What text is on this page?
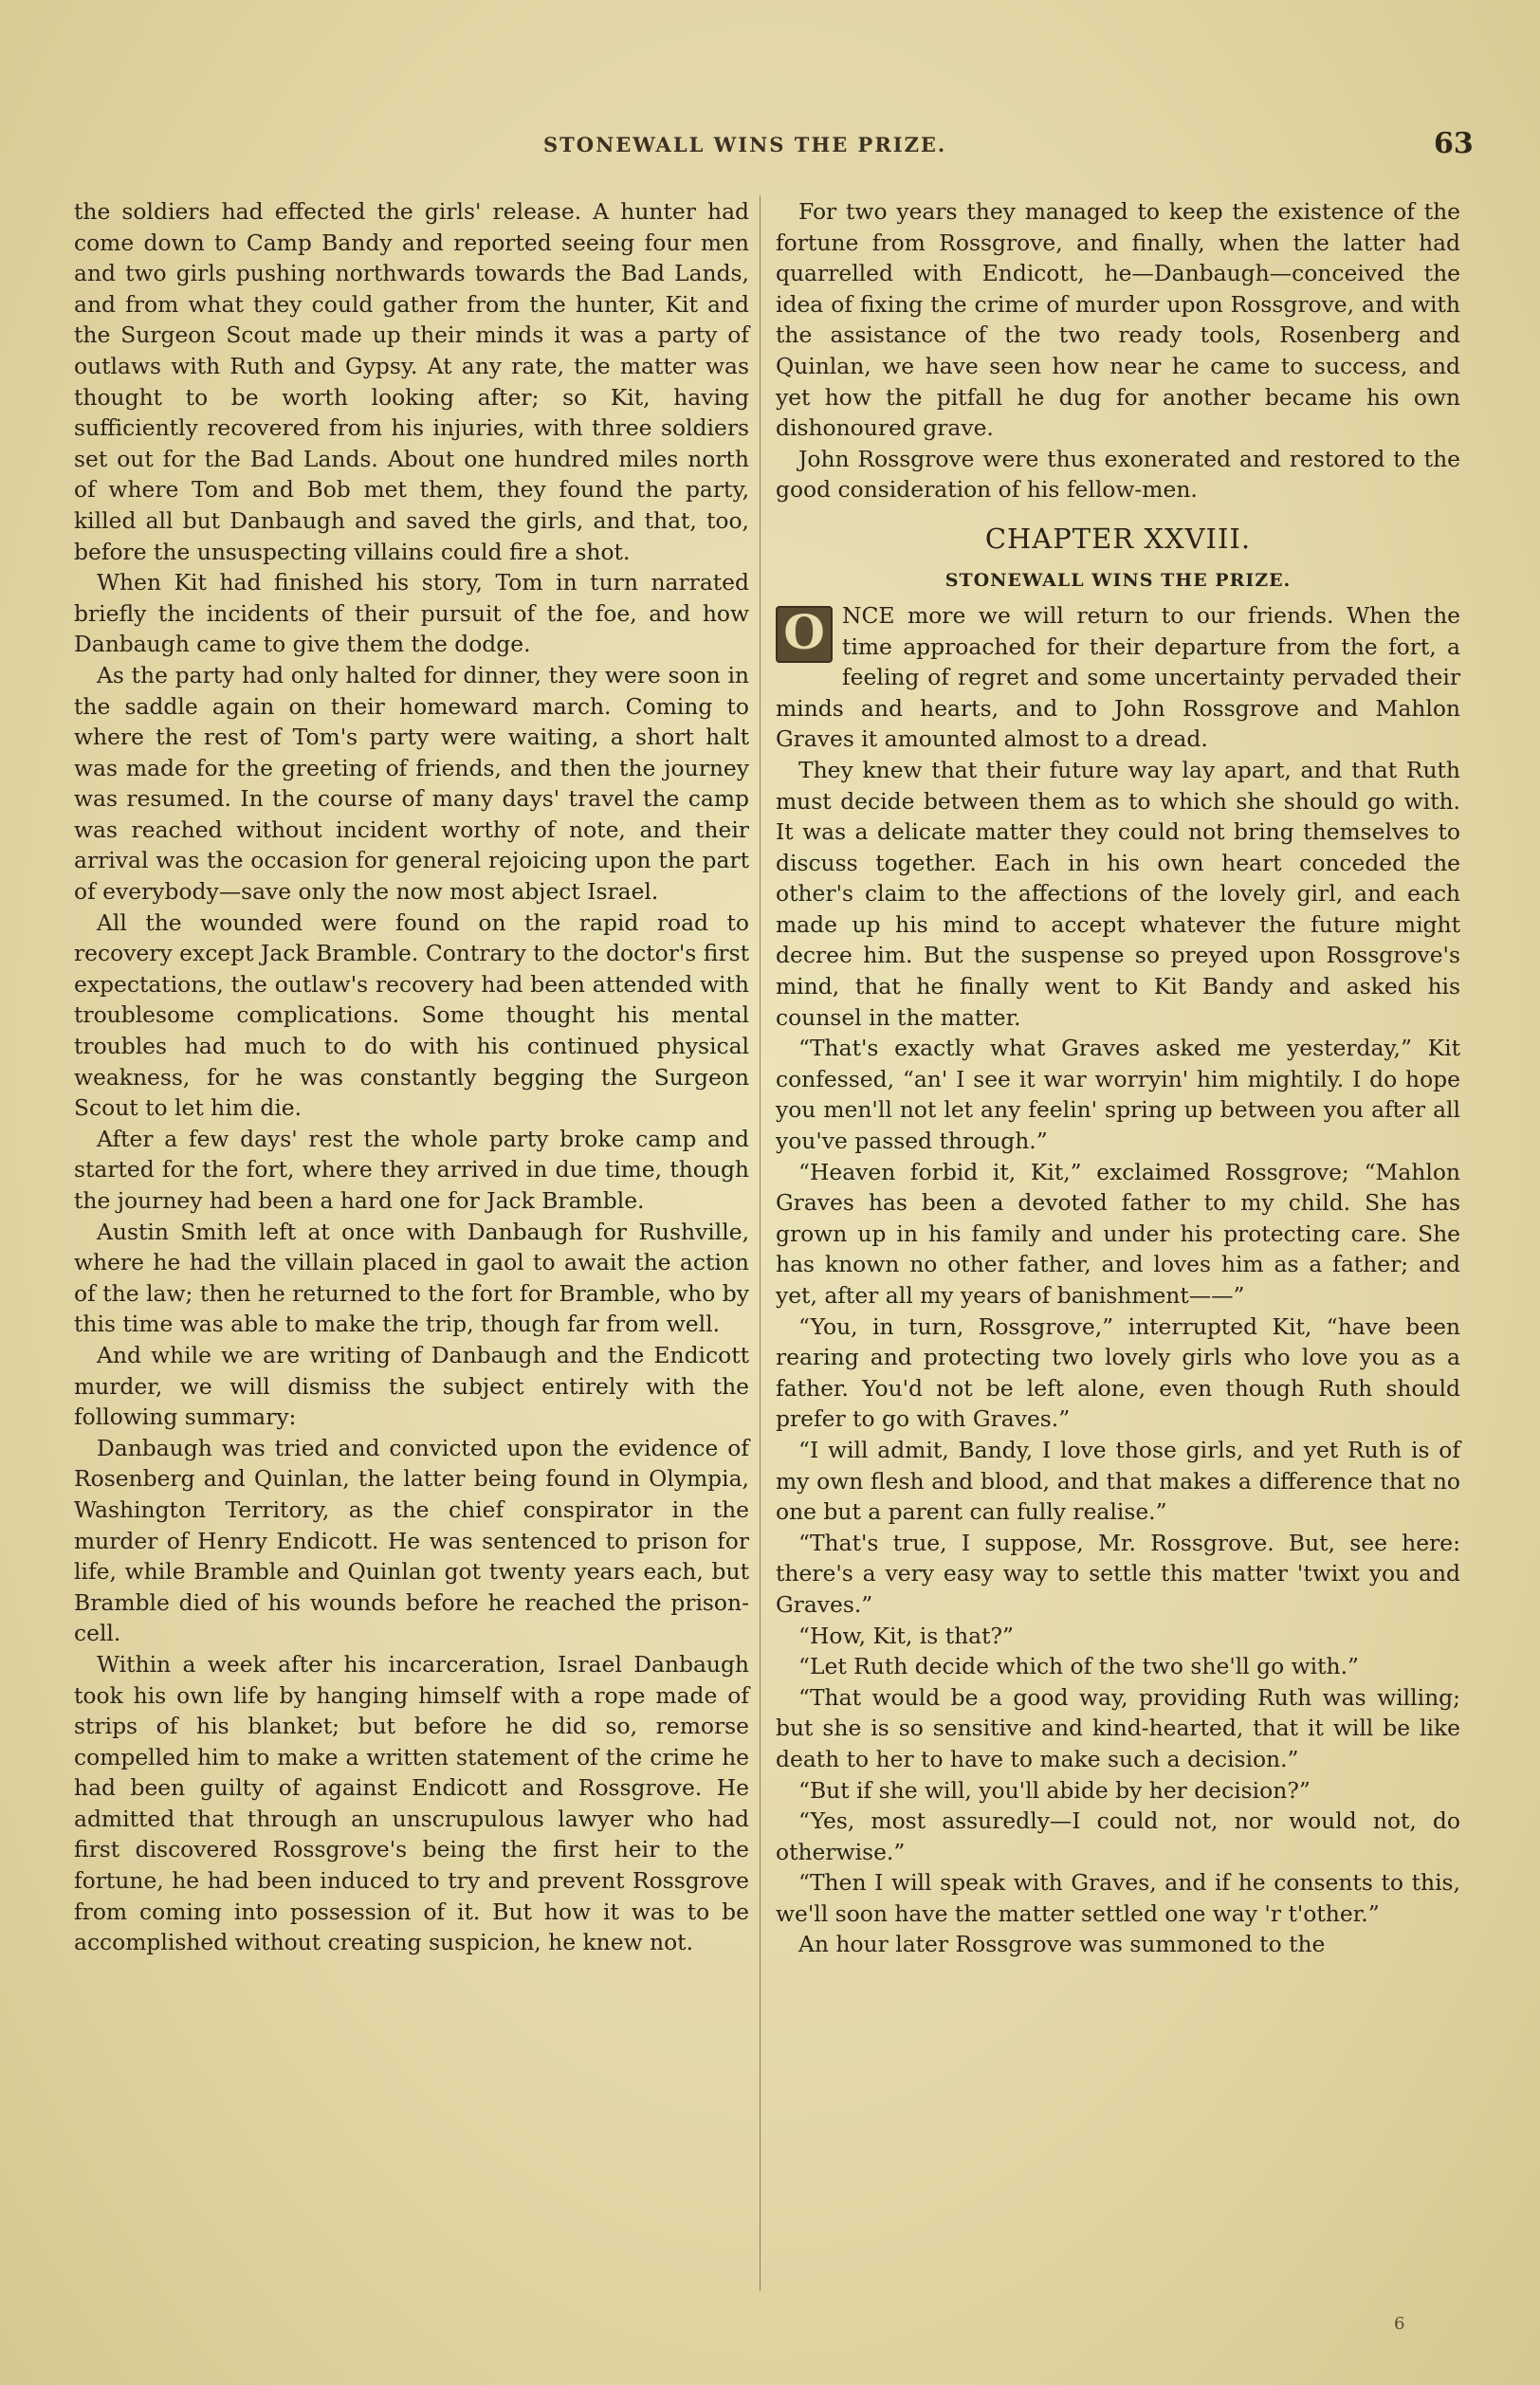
STONEWALL WINS THE PRIZE.	63

the soldiers had effected the girls' release. A hunter had come down to Camp Bandy and reported seeing four men and two girls pushing northwards towards the Bad Lands, and from what they could gather from the hunter, Kit and the Surgeon Scout made up their minds it was a party of outlaws with Ruth and Gypsy. At any rate, the matter was thought to be worth looking after; so Kit, having sufficiently recovered from his injuries, with three soldiers set out for the Bad Lands. About one hundred miles north of where Tom and Bob met them, they found the party, killed all but Danbaugh and saved the girls, and that, too, before the unsuspecting villains could fire a shot.

When Kit had finished his story, Tom in turn narrated briefly the incidents of their pursuit of the foe, and how Danbaugh came to give them the dodge.

As the party had only halted for dinner, they were soon in the saddle again on their homeward march. Coming to where the rest of Tom's party were waiting, a short halt was made for the greeting of friends, and then the journey was resumed. In the course of many days' travel the camp was reached without incident worthy of note, and their arrival was the occasion for general rejoicing upon the part of everybody—save only the now most abject Israel.

All the wounded were found on the rapid road to recovery except Jack Bramble. Contrary to the doctor's first expectations, the outlaw's recovery had been attended with troublesome complications. Some thought his mental troubles had much to do with his continued physical weakness, for he was constantly begging the Surgeon Scout to let him die.

After a few days' rest the whole party broke camp and started for the fort, where they arrived in due time, though the journey had been a hard one for Jack Bramble.

Austin Smith left at once with Danbaugh for Rushville, where he had the villain placed in gaol to await the action of the law; then he returned to the fort for Bramble, who by this time was able to make the trip, though far from well.

And while we are writing of Danbaugh and the Endicott murder, we will dismiss the subject entirely with the following summary:

Danbaugh was tried and convicted upon the evidence of Rosenberg and Quinlan, the latter being found in Olympia, Washington Territory, as the chief conspirator in the murder of Henry Endicott. He was sentenced to prison for life, while Bramble and Quinlan got twenty years each, but Bramble died of his wounds before he reached the prison-cell.

Within a week after his incarceration, Israel Danbaugh took his own life by hanging himself with a rope made of strips of his blanket; but before he did so, remorse compelled him to make a written statement of the crime he had been guilty of against Endicott and Rossgrove. He admitted that through an unscrupulous lawyer who had first discovered Rossgrove's being the first heir to the fortune, he had been induced to try and prevent Rossgrove from coming into possession of it. But how it was to be accomplished without creating suspicion, he knew not.

For two years they managed to keep the existence of the fortune from Rossgrove, and finally, when the latter had quarrelled with Endicott, he—Danbaugh—conceived the idea of fixing the crime of murder upon Rossgrove, and with the assistance of the two ready tools, Rosenberg and Quinlan, we have seen how near he came to success, and yet how the pitfall he dug for another became his own dishonoured grave.

John Rossgrove were thus exonerated and restored to the good consideration of his fellow-men.

CHAPTER XXVIII.
STONEWALL WINS THE PRIZE.

O NCE more we will return to our friends. When the time approached for their departure from the fort, a feeling of regret and some uncertainty pervaded their minds and hearts, and to John Rossgrove and Mahlon Graves it amounted almost to a dread.

They knew that their future way lay apart, and that Ruth must decide between them as to which she should go with. It was a delicate matter they could not bring themselves to discuss together. Each in his own heart conceded the other's claim to the affections of the lovely girl, and each made up his mind to accept whatever the future might decree him. But the suspense so preyed upon Rossgrove's mind, that he finally went to Kit Bandy and asked his counsel in the matter.

“That's exactly what Graves asked me yesterday,” Kit confessed, “an' I see it war worryin' him mightily. I do hope you men'll not let any feelin' spring up between you after all you've passed through.”

“Heaven forbid it, Kit,” exclaimed Rossgrove; “Mahlon Graves has been a devoted father to my child. She has grown up in his family and under his protecting care. She has known no other father, and loves him as a father; and yet, after all my years of banishment——”

“You, in turn, Rossgrove,” interrupted Kit, “have been rearing and protecting two lovely girls who love you as a father. You'd not be left alone, even though Ruth should prefer to go with Graves.”

“I will admit, Bandy, I love those girls, and yet Ruth is of my own flesh and blood, and that makes a difference that no one but a parent can fully realise.”

“That's true, I suppose, Mr. Rossgrove. But, see here: there's a very easy way to settle this matter 'twixt you and Graves.”

“How, Kit, is that?”

“Let Ruth decide which of the two she'll go with.”

“That would be a good way, providing Ruth was willing; but she is so sensitive and kind-hearted, that it will be like death to her to have to make such a decision.”

“But if she will, you'll abide by her decision?”

“Yes, most assuredly—I could not, nor would not, do otherwise.”

“Then I will speak with Graves, and if he consents to this, we'll soon have the matter settled one way 'r t'other.”

An hour later Rossgrove was summoned to the

6
